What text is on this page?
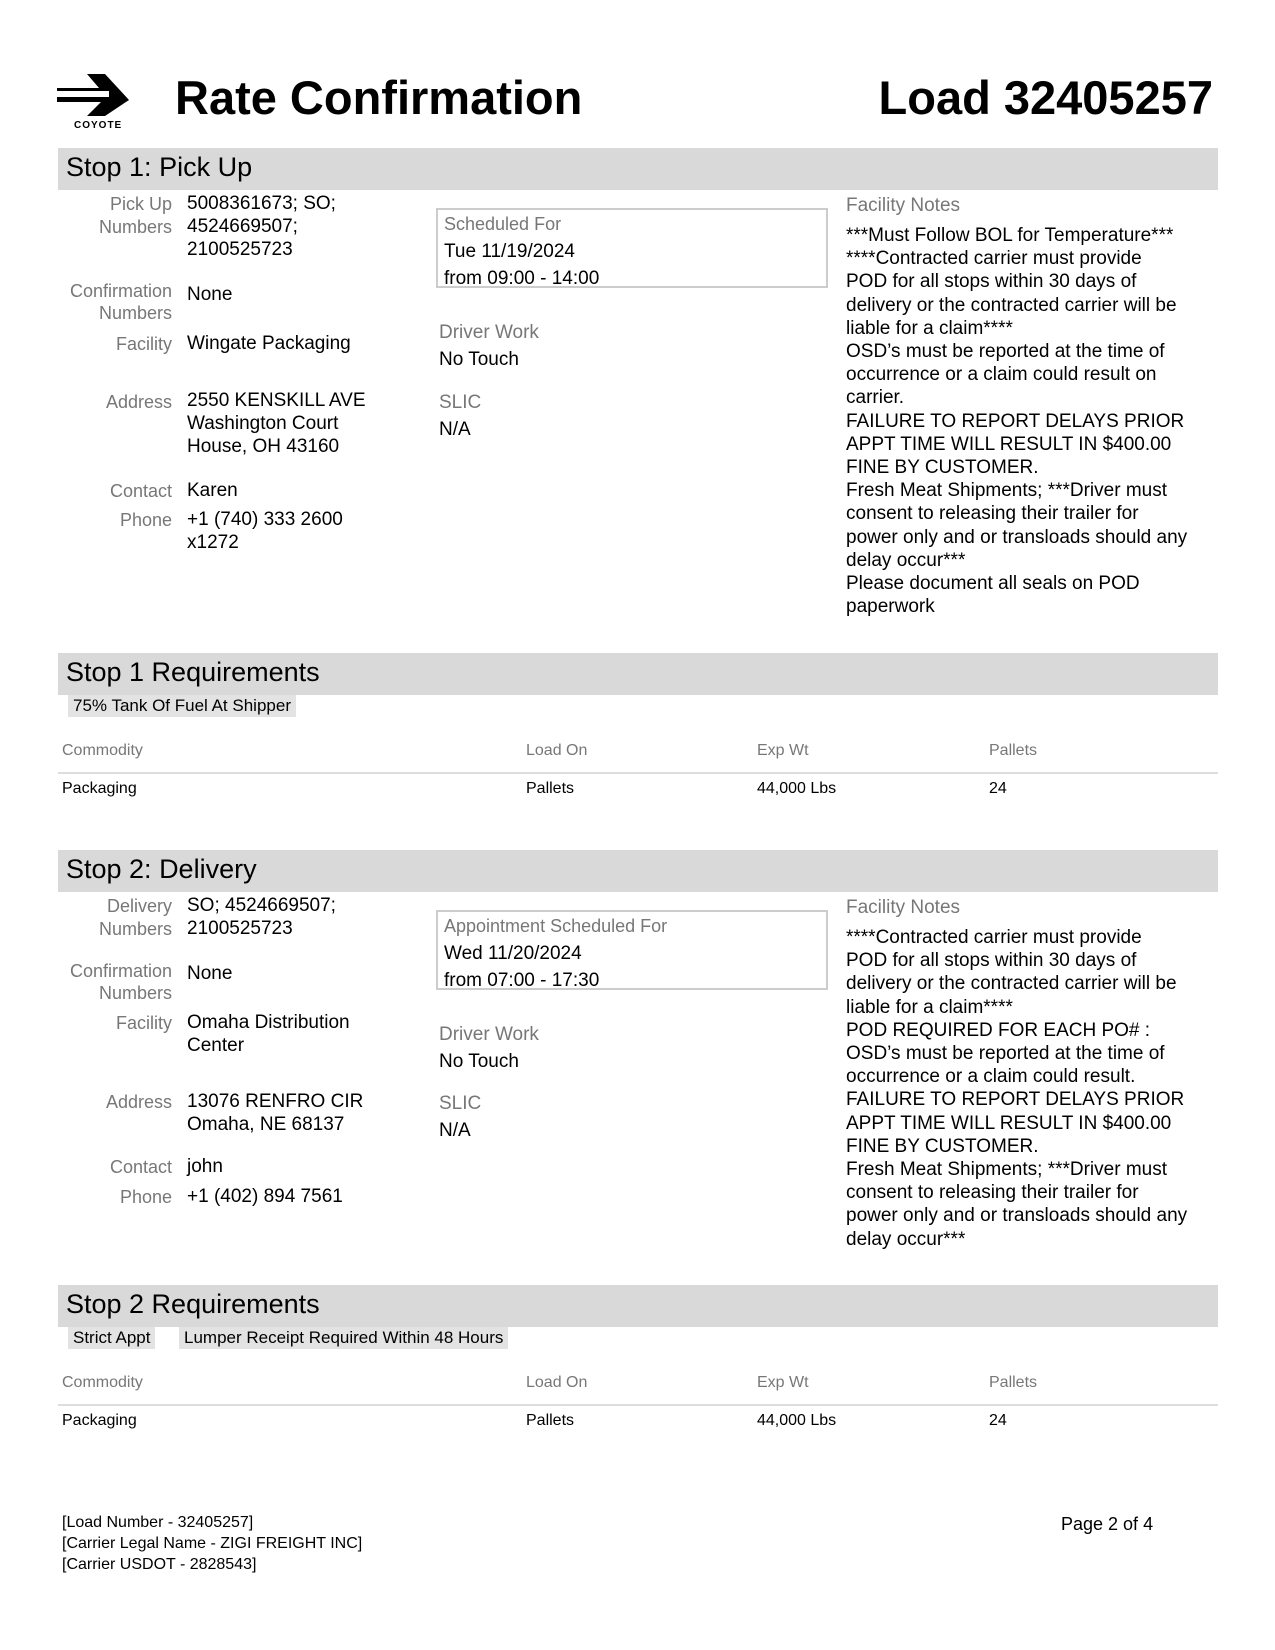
COYOTE
Rate Confirmation	Load 32405257
Stop 1: Pick Up
Pick Up
Numbers
5008361673; SO;
4524669507;
2100525723
Confirmation
Numbers
None
Facility Wingate Packaging
Address 2550 KENSKILL AVE
Washington Court
House, OH 43160
Contact Karen
Phone +1 (740) 333 2600
x1272
Scheduled For
Tue 11/19/2024
from 09:00 - 14:00
Driver Work
No Touch
SLIC
N/A
Facility Notes
***Must Follow BOL for Temperature***
****Contracted carrier must provide
POD for all stops within 30 days of
delivery or the contracted carrier will be
liable for a claim****
OSD’s must be reported at the time of
occurrence or a claim could result on
carrier.
FAILURE TO REPORT DELAYS PRIOR
APPT TIME WILL RESULT IN $400.00
FINE BY CUSTOMER.
Fresh Meat Shipments; ***Driver must
consent to releasing their trailer for
power only and or transloads should any
delay occur***
Please document all seals on POD
paperwork
Stop 1 Requirements
75% Tank Of Fuel At Shipper
Commodity	Load On	Exp Wt	Pallets
Packaging	Pallets	44,000 Lbs	24
Stop 2: Delivery
Delivery
Numbers
SO; 4524669507;
2100525723
Confirmation
Numbers
None
Facility Omaha Distribution
Center
Address 13076 RENFRO CIR
Omaha, NE 68137
Contact john
Phone +1 (402) 894 7561
Appointment Scheduled For
Wed 11/20/2024
from 07:00 - 17:30
Driver Work
No Touch
SLIC
N/A
Facility Notes
****Contracted carrier must provide
POD for all stops within 30 days of
delivery or the contracted carrier will be
liable for a claim****
POD REQUIRED FOR EACH PO# :
OSD’s must be reported at the time of
occurrence or a claim could result.
FAILURE TO REPORT DELAYS PRIOR
APPT TIME WILL RESULT IN $400.00
FINE BY CUSTOMER.
Fresh Meat Shipments; ***Driver must
consent to releasing their trailer for
power only and or transloads should any
delay occur***
Stop 2 Requirements
Strict Appt Lumper Receipt Required Within 48 Hours
Commodity	Load On	Exp Wt	Pallets
Packaging	Pallets	44,000 Lbs	24
[Load Number - 32405257]
[Carrier Legal Name - ZIGI FREIGHT INC]
[Carrier USDOT - 2828543]
Page 2 of 4
